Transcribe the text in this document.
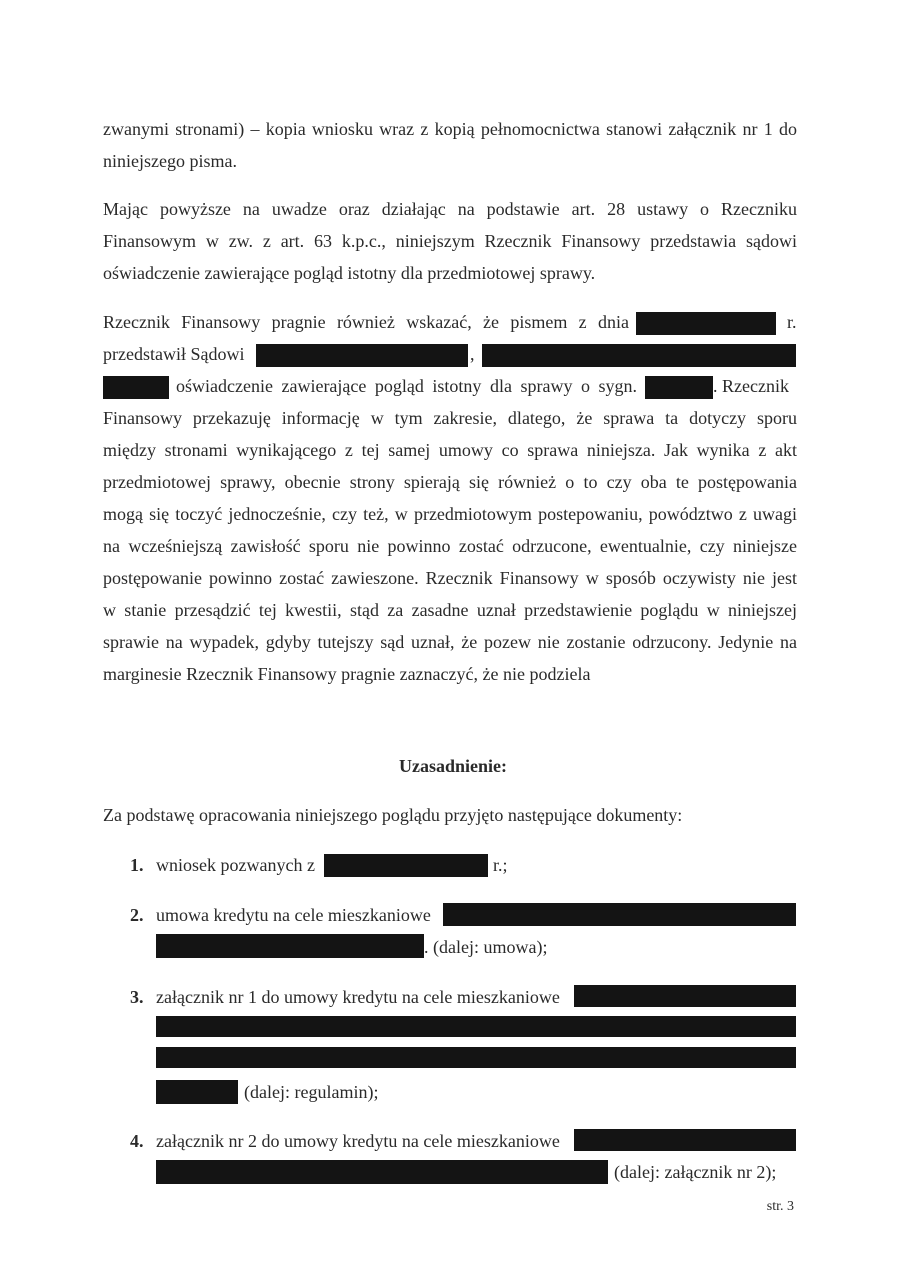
zwanymi stronami) – kopia wniosku wraz z kopią pełnomocnictwa stanowi załącznik nr 1 do
niniejszego pisma.
Mając powyższe na uwadze oraz działając na podstawie art. 28 ustawy o Rzeczniku
Finansowym w zw. z art. 63 k.p.c., niniejszym Rzecznik Finansowy przedstawia sądowi
oświadczenie zawierające pogląd istotny dla przedmiotowej sprawy.
Rzecznik Finansowy pragnie również wskazać, że pismem z dnia	r.
przedstawił Sądowi	,
oświadczenie zawierające pogląd istotny dla sprawy o sygn.	. Rzecznik
Finansowy przekazuję informację w tym zakresie, dlatego, że sprawa ta dotyczy sporu
między stronami wynikającego z tej samej umowy co sprawa niniejsza. Jak wynika z akt
przedmiotowej sprawy, obecnie strony spierają się również o to czy oba te postępowania
mogą się toczyć jednocześnie, czy też, w przedmiotowym postepowaniu, powództwo z uwagi
na wcześniejszą zawisłość sporu nie powinno zostać odrzucone, ewentualnie, czy niniejsze
postępowanie powinno zostać zawieszone. Rzecznik Finansowy w sposób oczywisty nie jest
w stanie przesądzić tej kwestii, stąd za zasadne uznał przedstawienie poglądu w niniejszej
sprawie na wypadek, gdyby tutejszy sąd uznał, że pozew nie zostanie odrzucony. Jedynie na
marginesie Rzecznik Finansowy pragnie zaznaczyć, że nie podziela
Uzasadnienie:
Za podstawę opracowania niniejszego poglądu przyjęto następujące dokumenty:
1. wniosek pozwanych z	r.;
2. umowa kredytu na cele mieszkaniowe
. (dalej: umowa);
3. załącznik nr 1 do umowy kredytu na cele mieszkaniowe
(dalej: regulamin);
4. załącznik nr 2 do umowy kredytu na cele mieszkaniowe
(dalej: załącznik nr 2);
str. 3
